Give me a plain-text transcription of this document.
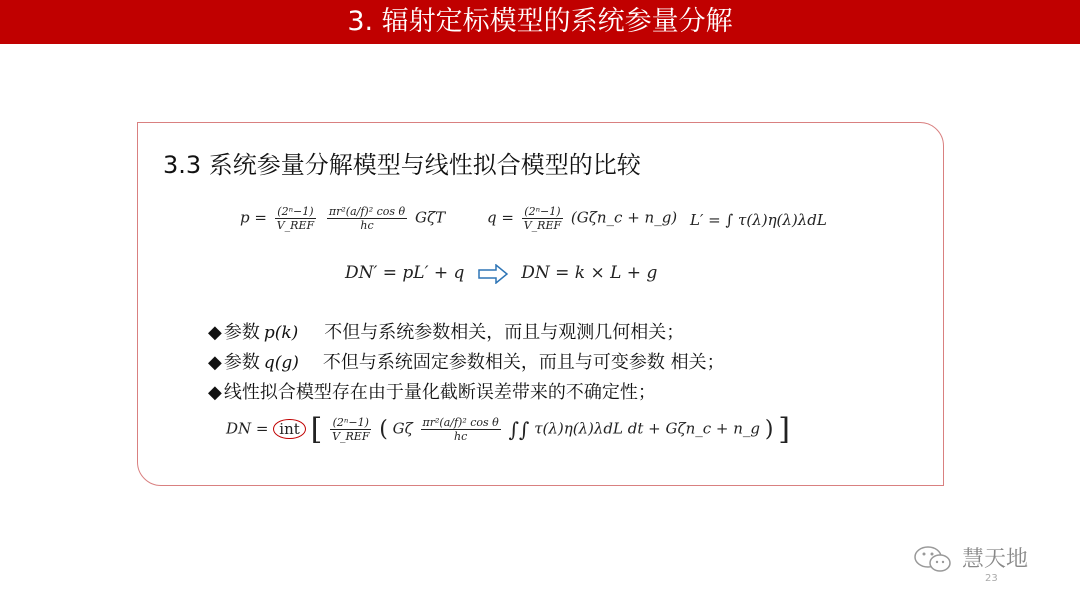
3. 辐射定标模型的系统参量分解
3.3 系统参量分解模型与线性拟合模型的比较
$p = \frac{\text{(2ⁿ−1)}}{\text{V\_REF}}$
$\frac{\text{πr²(a/f)² cos θ}}{hc}$ GζT	$q = \frac{\text{(2ⁿ−1)}}{\text{V\_REF}}$ (Gζn_c + n_g) L′ = ∫ τ(λ)η(λ)λdL
DN′ = pL′ + q	DN = k × L + g
◆ 参数 p(k) 不但与系统参数相关，而且与观测几何相关；
◆ 参数 q(g) 不但与系统固定参数相关，而且与可变参数 相关；
◆ 线性拟合模型存在由于量化截断误差带来的不确定性；
DN = int [ $\frac{\text{(2ⁿ−1)}}{\text{V\_REF}}$ ( Gζ $\frac{\text{πr²(a/f)² cos θ}}{hc}$ ∫∫ τ(λ)η(λ)λdL dt + Gζn_c + n_g ) ]
慧天地
23
